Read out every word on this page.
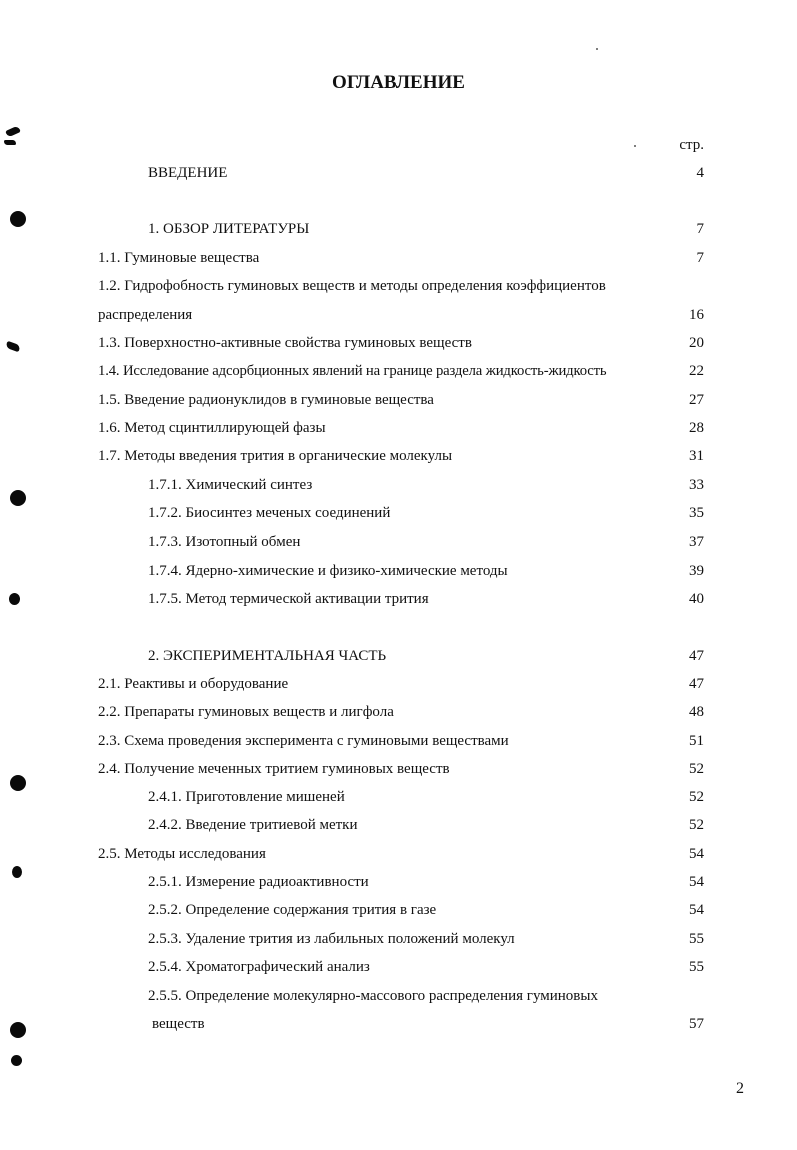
ОГЛАВЛЕНИЕ
стр.
ВВЕДЕНИЕ	4
1. ОБЗОР ЛИТЕРАТУРЫ	7
1.1. Гуминовые вещества	7
1.2. Гидрофобность гуминовых веществ и методы определения коэффициентов
распределения	16
1.3. Поверхностно-активные свойства гуминовых веществ	20
1.4. Исследование адсорбционных явлений на границе раздела жидкость-жидкость	22
1.5. Введение радионуклидов в гуминовые вещества	27
1.6. Метод сцинтиллирующей фазы	28
1.7. Методы введения трития в органические молекулы	31
1.7.1. Химический синтез	33
1.7.2. Биосинтез меченых соединений	35
1.7.3. Изотопный обмен	37
1.7.4. Ядерно-химические и физико-химические методы	39
1.7.5. Метод термической активации трития	40
2. ЭКСПЕРИМЕНТАЛЬНАЯ ЧАСТЬ	47
2.1. Реактивы и оборудование	47
2.2. Препараты гуминовых веществ и лигфола	48
2.3. Схема проведения эксперимента с гуминовыми веществами	51
2.4. Получение меченных тритием гуминовых веществ	52
2.4.1. Приготовление мишеней	52
2.4.2. Введение тритиевой метки	52
2.5. Методы исследования	54
2.5.1. Измерение радиоактивности	54
2.5.2. Определение содержания трития в газе	54
2.5.3. Удаление трития из лабильных положений молекул	55
2.5.4. Хроматографический анализ	55
2.5.5. Определение молекулярно-массового распределения гуминовых
веществ	57
2
